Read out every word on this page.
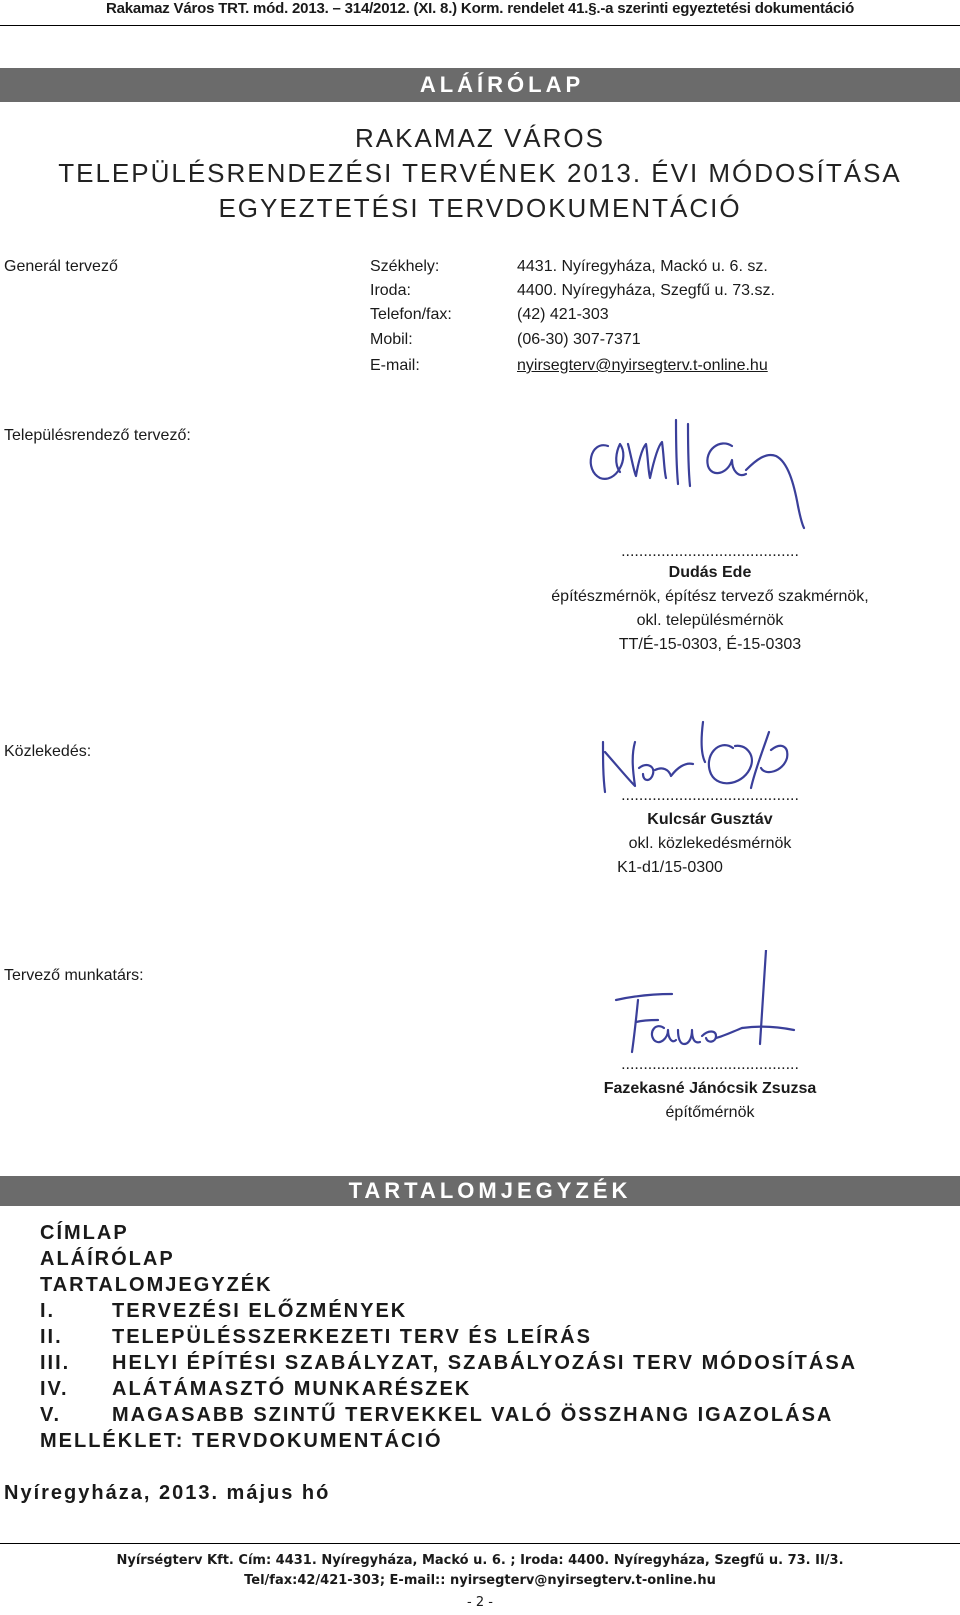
Rakamaz Város TRT. mód. 2013. – 314/2012. (XI. 8.) Korm. rendelet 41.§.-a szerinti egyeztetési dokumentáció
ALÁÍRÓLAP
RAKAMAZ VÁROS
TELEPÜLÉSRENDEZÉSI TERVÉNEK 2013. ÉVI MÓDOSÍTÁSA
EGYEZTETÉSI TERVDOKUMENTÁCIÓ
Generál tervező	Székhely:	4431. Nyíregyháza, Mackó u. 6. sz.
Iroda:	4400. Nyíregyháza, Szegfű u. 73.sz.
Telefon/fax:	(42) 421-303
Mobil:	(06-30) 307-7371
E-mail:	nyirsegterv@nyirsegterv.t-online.hu
Településrendező tervező:
........................................
Dudás Ede
építészmérnök, építész tervező szakmérnök,
okl. településmérnök
TT/É-15-0303, É-15-0303
Közlekedés:
........................................
Kulcsár Gusztáv
okl. közlekedésmérnök
K1-d1/15-0300
Tervező munkatárs:
........................................
Fazekasné Jánócsik Zsuzsa
építőmérnök
TARTALOMJEGYZÉK
CÍMLAP
ALÁÍRÓLAP
TARTALOMJEGYZÉK
I.	TERVEZÉSI ELŐZMÉNYEK
II. TELEPÜLÉSSZERKEZETI TERV ÉS LEÍRÁS
III. HELYI ÉPÍTÉSI SZABÁLYZAT, SZABÁLYOZÁSI TERV MÓDOSÍTÁSA
IV. ALÁTÁMASZTÓ MUNKARÉSZEK
V.	MAGASABB SZINTŰ TERVEKKEL VALÓ ÖSSZHANG IGAZOLÁSA
MELLÉKLET: TERVDOKUMENTÁCIÓ
Nyíregyháza, 2013. május hó
Nyírségterv Kft. Cím: 4431. Nyíregyháza, Mackó u. 6. ; Iroda: 4400. Nyíregyháza, Szegfű u. 73. II/3.
Tel/fax:42/421-303; E-mail:: nyirsegterv@nyirsegterv.t-online.hu
- 2 -
